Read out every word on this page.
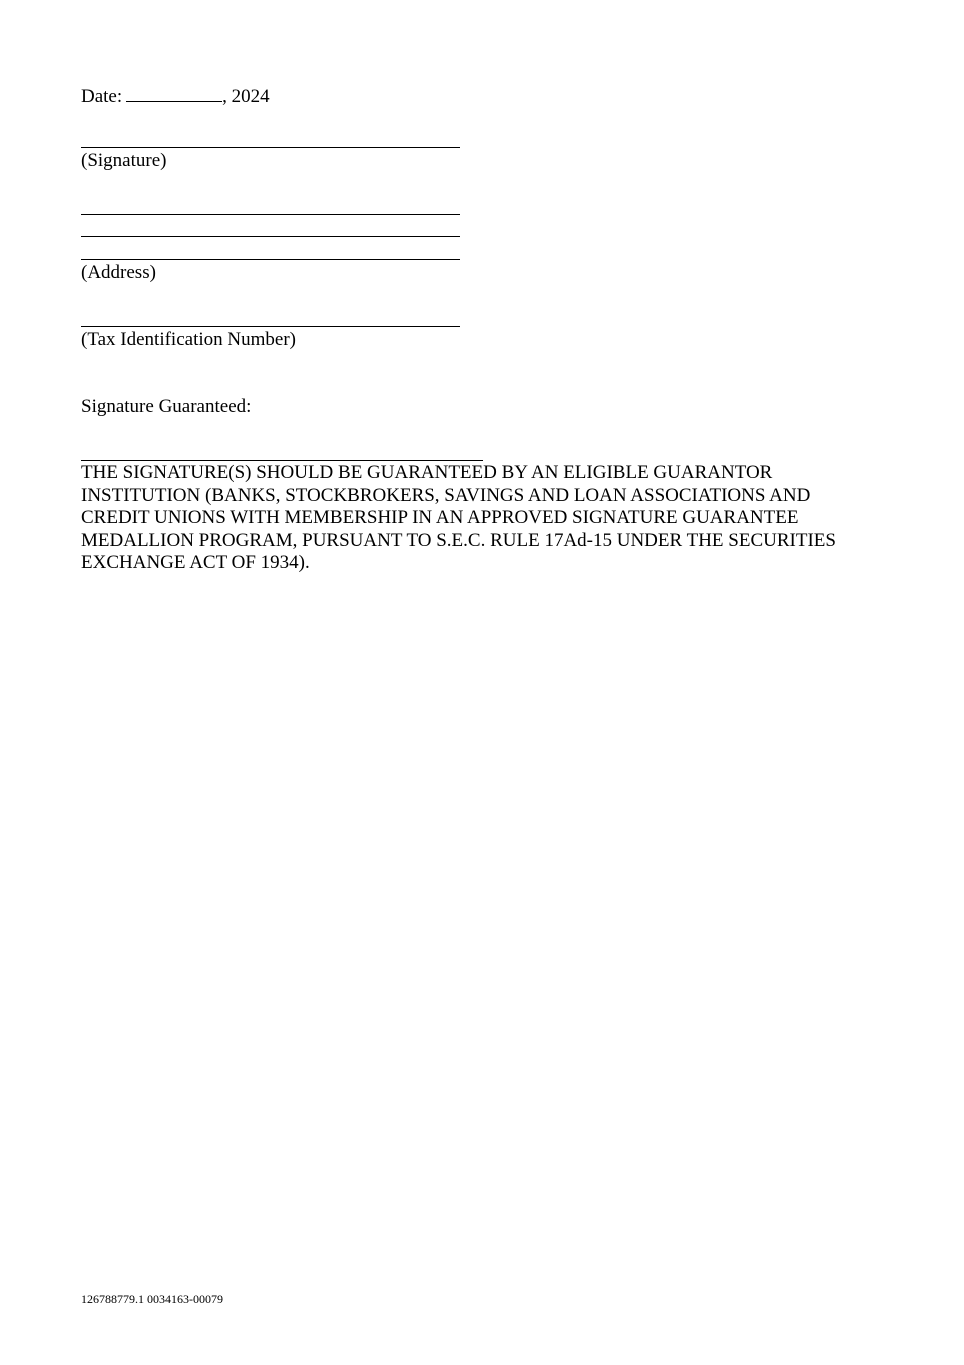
Date:	, 2024
(Signature)
(Address)
(Tax Identification Number)
Signature Guaranteed:
THE SIGNATURE(S) SHOULD BE GUARANTEED BY AN ELIGIBLE GUARANTOR
INSTITUTION (BANKS, STOCKBROKERS, SAVINGS AND LOAN ASSOCIATIONS AND
CREDIT UNIONS WITH MEMBERSHIP IN AN APPROVED SIGNATURE GUARANTEE
MEDALLION PROGRAM, PURSUANT TO S.E.C. RULE 17Ad-15 UNDER THE SECURITIES
EXCHANGE ACT OF 1934).
126788779.1 0034163-00079
